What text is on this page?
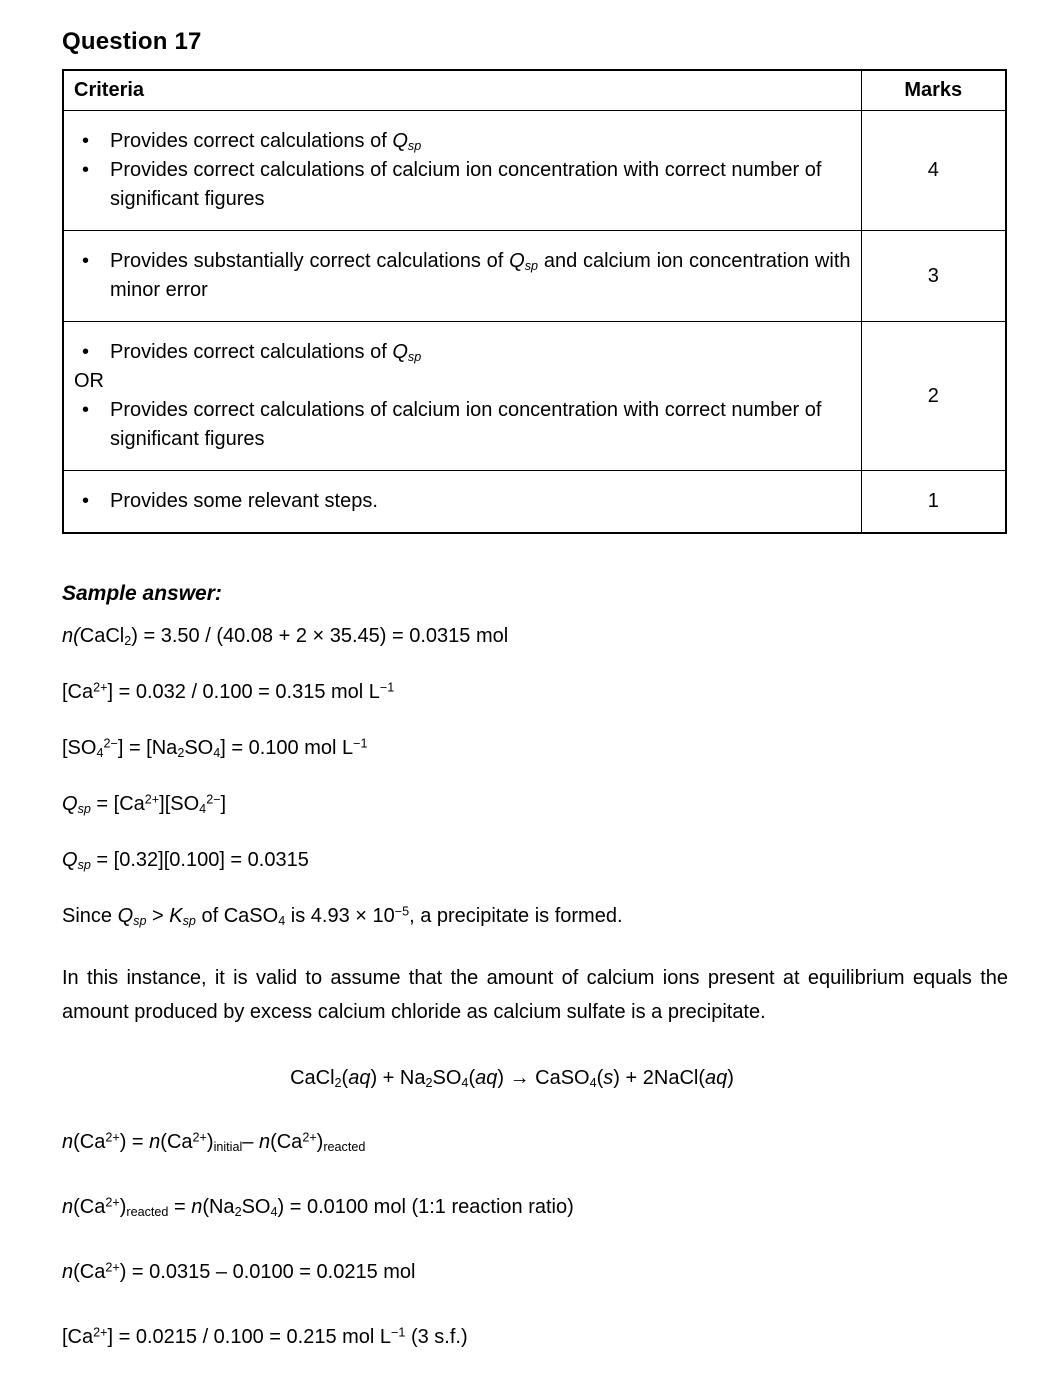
Question 17
Criteria	Marks

• Provides correct calculations of $Q_{sp}$
• Provides correct calculations of calcium ion concentration with correct number of significant figures	4

• Provides substantially correct calculations of $Q_{sp}$ and calcium ion concentration with minor error	3

• Provides correct calculations of $Q_{sp}$
OR
• Provides correct calculations of calcium ion concentration with correct number of significant figures	2

• Provides some relevant steps.	1
Sample answer:
n(CaCl$_2$) = 3.50 / (40.08 + 2 × 35.45) = 0.0315 mol
$[Ca^{2+}] = 0.032 / 0.100 = 0.315$ mol $L^{-1}$
$[SO_4^{2-}] = [Na_2SO_4] = 0.100$ mol $L^{-1}$
$Q_{sp} = [Ca^{2+}][SO_4^{2-}]$
$Q_{sp} = [0.32][0.100] = 0.0315$
Since $Q_{sp} > K_{sp}$ of CaSO$_4$ is $4.93 \times 10^{-5}$, a precipitate is formed.
In this instance, it is valid to assume that the amount of calcium ions present at equilibrium equals the amount produced by excess calcium chloride as calcium sulfate is a precipitate.
CaCl$_2$(aq) + $Na_2SO_4(aq)$ → CaSO$_4$(s) + 2NaCl(aq)
$n(Ca^{2+}) = n(Ca^{2+})_{initial}-$ $n(Ca^{2+})_{reacted}$
$n(Ca^{2+})_{reacted} = n(Na_2SO_4) = 0.0100$ mol (1:1 reaction ratio)
$n(Ca^{2+}) = 0.0315 - 0.0100 = 0.0215$ mol
$[Ca^{2+}] = 0.0215 / 0.100 = 0.215$ mol $L^{-1}$ (3 s.f.)
